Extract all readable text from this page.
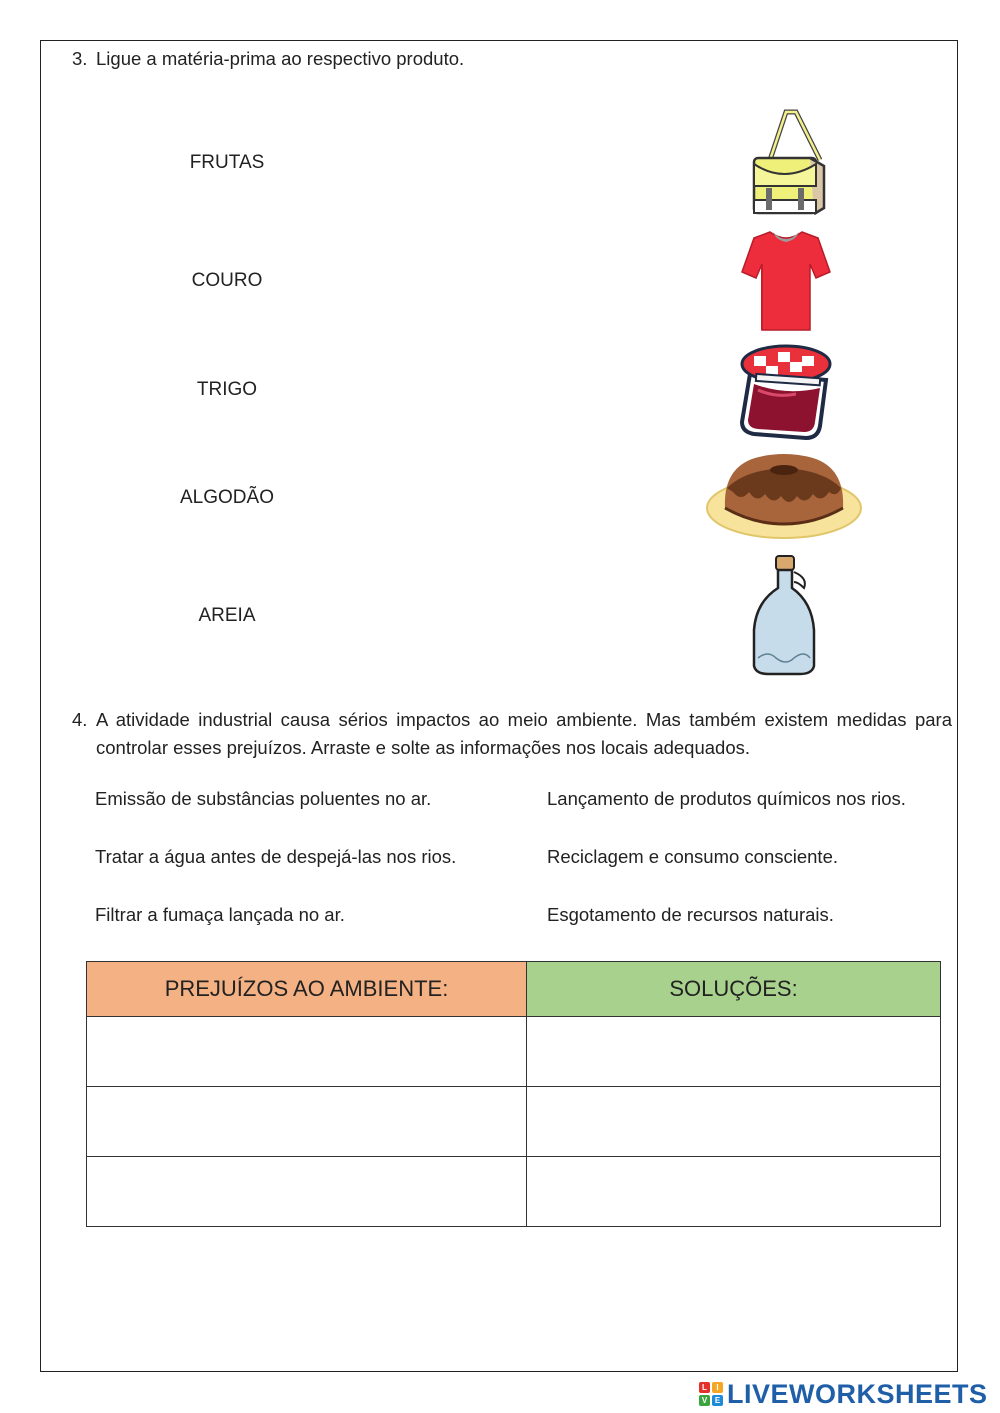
3. Ligue a matéria-prima ao respectivo produto.
FRUTAS
COURO
TRIGO
ALGODÃO
AREIA
4. A atividade industrial causa sérios impactos ao meio ambiente. Mas também existem medidas para controlar esses prejuízos. Arraste e solte as informações nos locais adequados.
Emissão de substâncias poluentes no ar.	Lançamento de produtos químicos nos rios.
Tratar a água antes de despejá-las nos rios.	Reciclagem e consumo consciente.
Filtrar a fumaça lançada no ar.	Esgotamento de recursos naturais.
PREJUÍZOS AO AMBIENTE:	SOLUÇÕES:

L	I
V E LIVEWORKSHEETS
